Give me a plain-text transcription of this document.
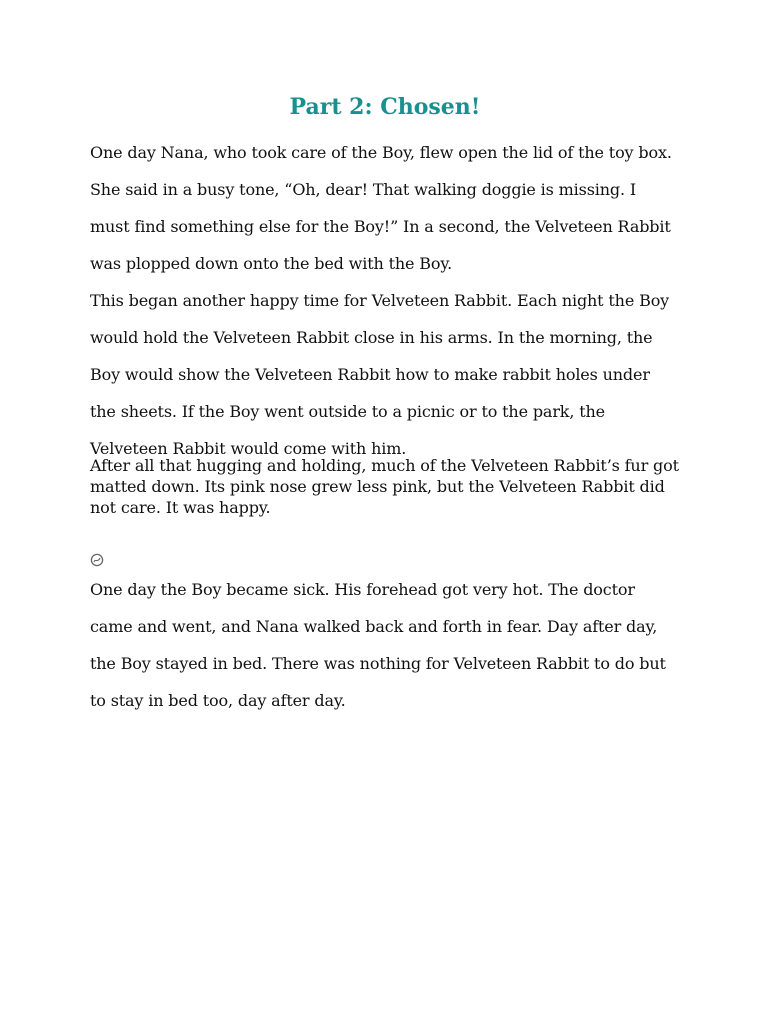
Part 2: Chosen!

One day Nana, who took care of the Boy, flew open the lid of the toy box. She said in a busy tone, “Oh, dear! That walking doggie is missing. I must find something else for the Boy!” In a second, the Velveteen Rabbit was plopped down onto the bed with the Boy.

This began another happy time for Velveteen Rabbit. Each night the Boy would hold the Velveteen Rabbit close in his arms. In the morning, the Boy would show the Velveteen Rabbit how to make rabbit holes under the sheets. If the Boy went outside to a picnic or to the park, the Velveteen Rabbit would come with him.

After all that hugging and holding, much of the Velveteen Rabbit’s fur got matted down. Its pink nose grew less pink, but the Velveteen Rabbit did not care. It was happy.

One day the Boy became sick. His forehead got very hot. The doctor came and went, and Nana walked back and forth in fear. Day after day, the Boy stayed in bed. There was nothing for Velveteen Rabbit to do but to stay in bed too, day after day.
